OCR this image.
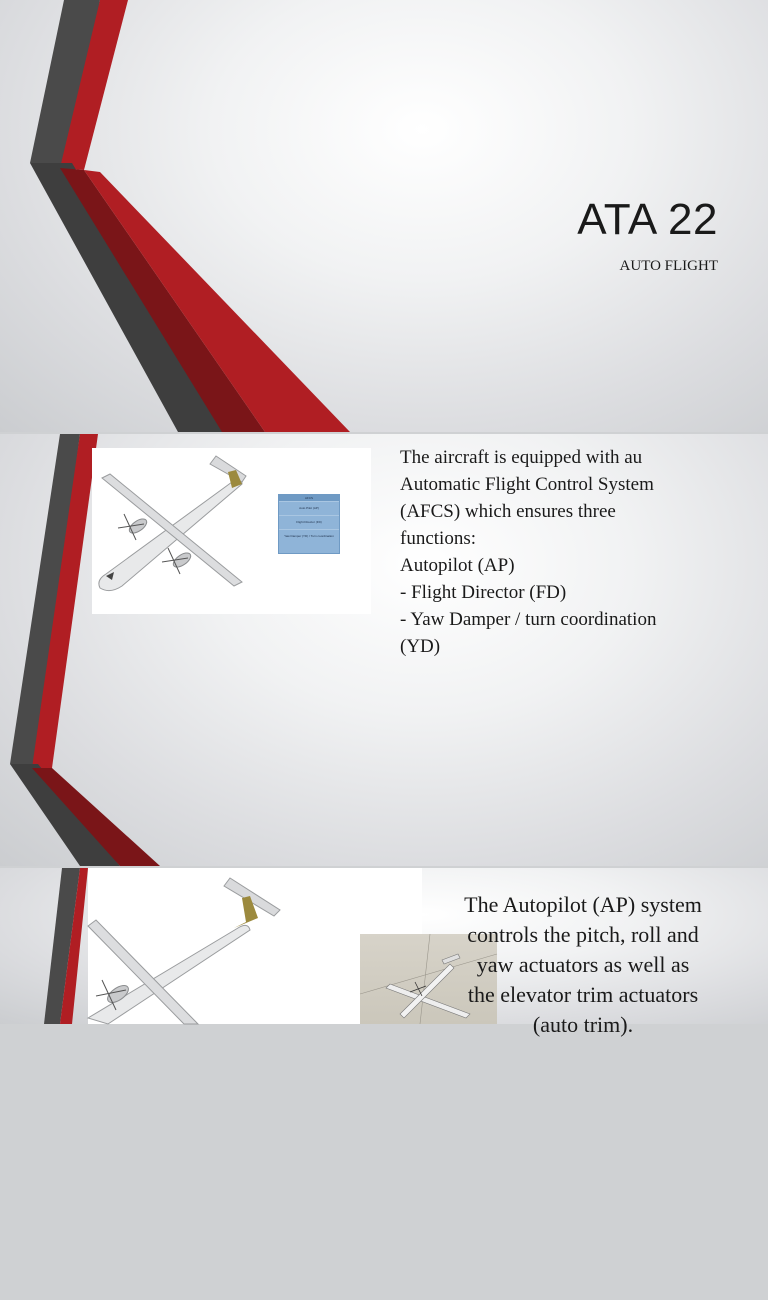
ATA 22
AUTO FLIGHT
AFCS
Auto Pilot (AP)
Flight Director (FD)
Yaw Damper (YD) / Turn coordination
The aircraft is equipped with au
Automatic Flight Control System
(AFCS) which ensures three
functions:
Autopilot (AP)
- Flight Director (FD)
- Yaw Damper / turn coordination
(YD)
The Autopilot (AP) system
controls the pitch, roll and
yaw actuators as well as
the elevator trim actuators
(auto trim).
